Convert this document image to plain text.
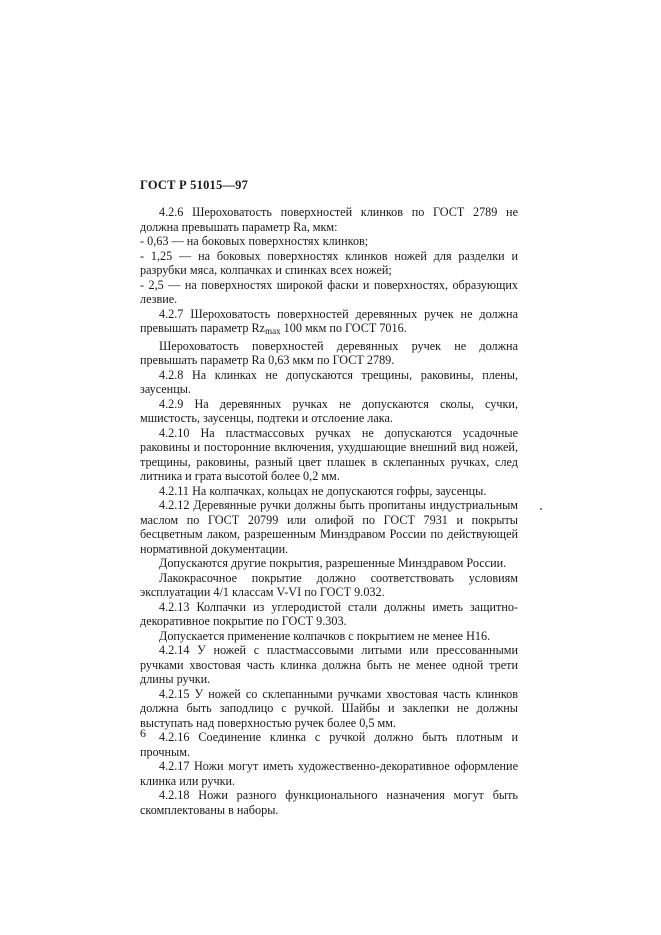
ГОСТ Р 51015—97

4.2.6 Шероховатость поверхностей клинков по ГОСТ 2789 не должна превышать параметр Ra, мкм:

- 0,63 — на боковых поверхностях клинков;

- 1,25 — на боковых поверхностях клинков ножей для разделки и разрубки мяса, колпачках и спинках всех ножей;

- 2,5 — на поверхностях широкой фаски и поверхностях, образующих лезвие.

4.2.7 Шероховатость поверхностей деревянных ручек не должна превышать параметр $Rz_{max}$ 100 мкм по ГОСТ 7016.

Шероховатость поверхностей деревянных ручек не должна превышать параметр Ra 0,63 мкм по ГОСТ 2789.

4.2.8 На клинках не допускаются трещины, раковины, плены, заусенцы.

4.2.9 На деревянных ручках не допускаются сколы, сучки, мшистость, заусенцы, подтеки и отслоение лака.

4.2.10 На пластмассовых ручках не допускаются усадочные раковины и посторонние включения, ухудшающие внешний вид ножей, трещины, раковины, разный цвет плашек в склепанных ручках, след литника и грата высотой более 0,2 мм.

4.2.11 На колпачках, кольцах не допускаются гофры, заусенцы.

4.2.12 Деревянные ручки должны быть пропитаны индустриальным маслом по ГОСТ 20799 или олифой по ГОСТ 7931 и покрыты бесцветным лаком, разрешенным Минздравом России по действующей нормативной документации.

Допускаются другие покрытия, разрешенные Минздравом России.

Лакокрасочное покрытие должно соответствовать условиям эксплуатации 4/1 классам V-VI по ГОСТ 9.032.

4.2.13 Колпачки из углеродистой стали должны иметь защитно-декоративное покрытие по ГОСТ 9.303.

Допускается применение колпачков с покрытием не менее Н16.

4.2.14 У ножей с пластмассовыми литыми или прессованными ручками хвостовая часть клинка должна быть не менее одной трети длины ручки.

4.2.15 У ножей со склепанными ручками хвостовая часть клинков должна быть заподлицо с ручкой. Шайбы и заклепки не должны выступать над поверхностью ручек более 0,5 мм.

4.2.16 Соединение клинка с ручкой должно быть плотным и прочным.

4.2.17 Ножи могут иметь художественно-декоративное оформление клинка или ручки.

4.2.18 Ножи разного функционального назначения могут быть скомплектованы в наборы.

6
